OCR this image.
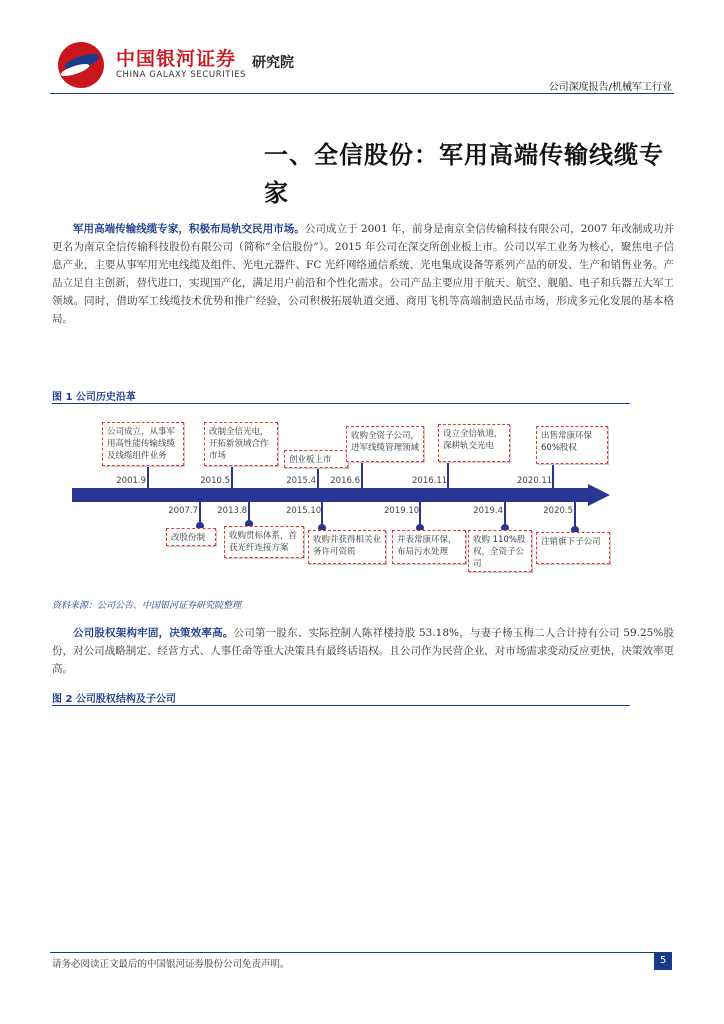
中国银河证券
CHINA GALAXY SECURITIES
研究院
公司深度报告/机械军工行业
一、全信股份：军用高端传输线缆专家
军用高端传输线缆专家，积极布局轨交民用市场。公司成立于 2001 年，前身是南京全信传输科技有限公司，2007 年改制成功并更名为南京全信传输科技股份有限公司（简称“全信股份”）。2015 年公司在深交所创业板上市。公司以军工业务为核心，聚焦电子信息产业，主要从事军用光电线缆及组件、光电元器件、FC 光纤网络通信系统、光电集成设备等系列产品的研发、生产和销售业务。产品立足自主创新，替代进口，实现国产化，满足用户前沿和个性化需求。公司产品主要应用于航天、航空、舰船、电子和兵器五大军工领域。同时，借助军工线缆技术优势和推广经验，公司积极拓展轨道交通、商用飞机等高端制造民品市场，形成多元化发展的基本格局。
图 1 公司历史沿革
公司成立，从事军用高性能传输线缆及线缆组件业务
2001.9
改制全信光电，开拓新领域合作市场
2010.5
创业板上市
2015.4
收购全资子公司，进军线缆管理领域
2016.6
设立全信轨道，深耕轨交光电
2016.11
出售常康环保60%股权
2020.11
改股份制
2007.7
收购贯标体系，首获光纤连接方案
2013.8
收购并获得相关业务许可资质
2015.10
并表常康环保，布局污水处理
2019.10
收购 110%股权，全资子公司
2019.4
注销旗下子公司
2020.5
资料来源：公司公告、中国银河证券研究院整理
公司股权架构牢固，决策效率高。公司第一股东、实际控制人陈祥楼持股 53.18%，与妻子杨玉梅二人合计持有公司 59.25%股份，对公司战略制定、经营方式、人事任命等重大决策具有最终话语权。且公司作为民营企业，对市场需求变动反应更快，决策效率更高。
图 2 公司股权结构及子公司
请务必阅读正文最后的中国银河证券股份公司免责声明。	5
